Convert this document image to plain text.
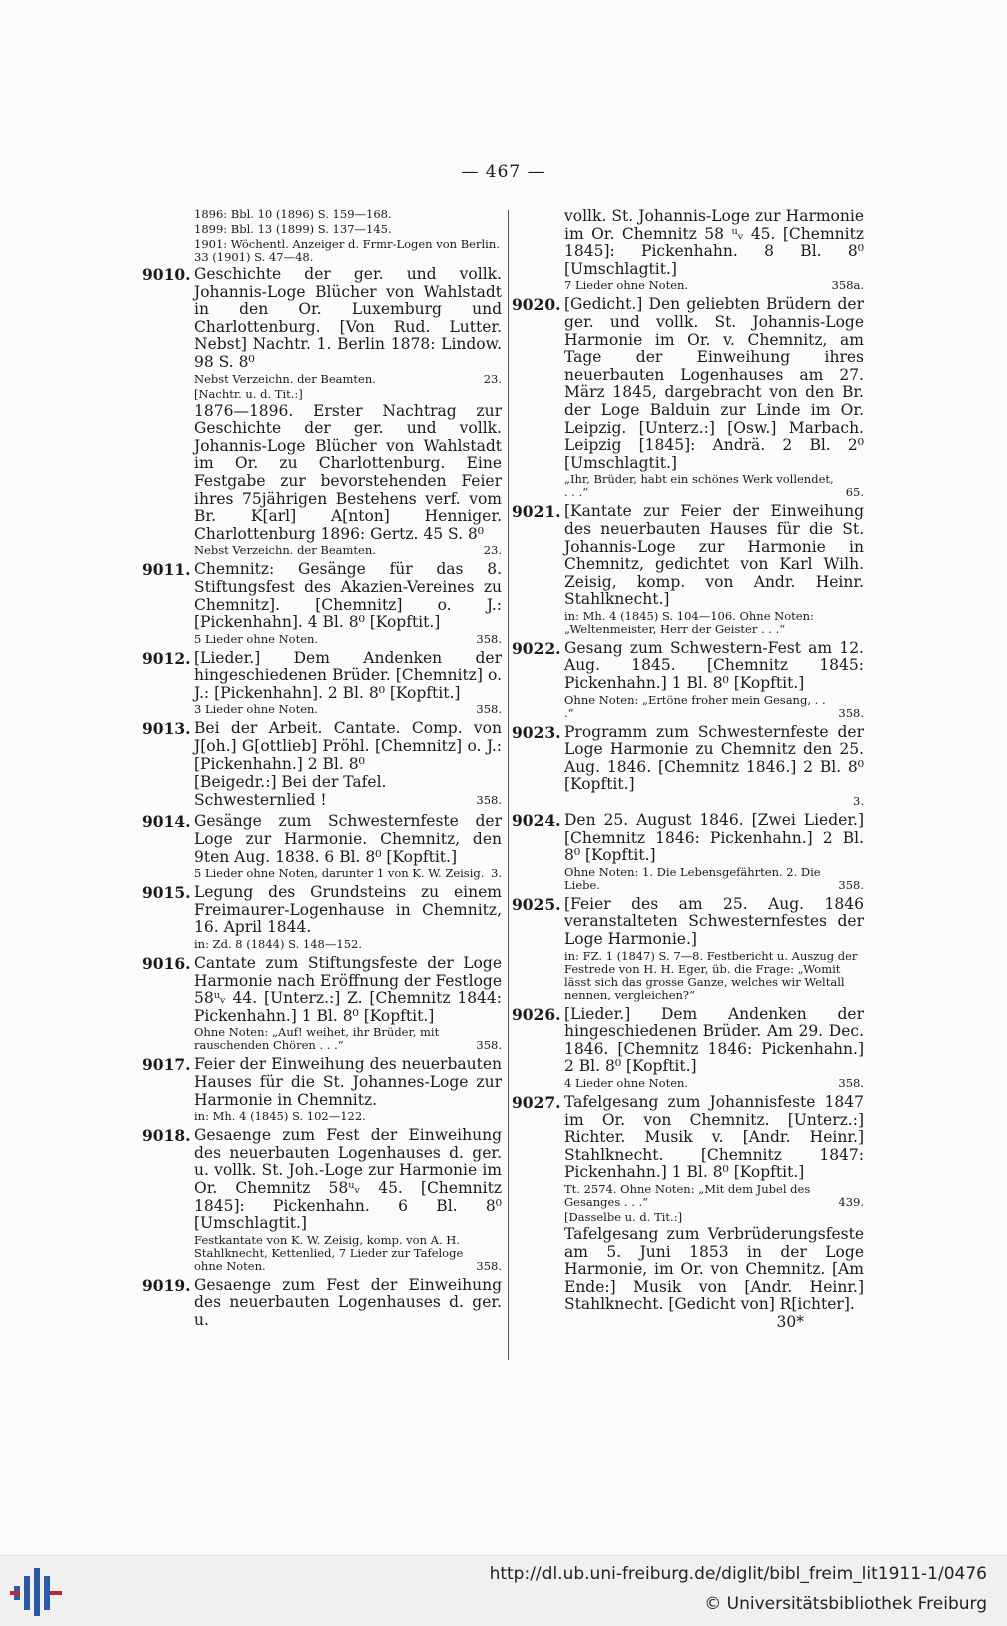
— 467 —

1896: Bbl. 10 (1896) S. 159—168.

1899: Bbl. 13 (1899) S. 137—145.

1901: Wöchentl. Anzeiger d. Frmr-Logen von Berlin. 33 (1901) S. 47—48.

9010. Geschichte der ger. und vollk. Johannis-Loge Blücher von Wahlstadt in den Or. Luxemburg und Charlottenburg. [Von Rud. Lutter. Nebst] Nachtr. 1. Berlin 1878: Lindow. 98 S. 8⁰

Nebst Verzeichn. der Beamten.	23.

[Nachtr. u. d. Tit.:]

1876—1896. Erster Nachtrag zur Geschichte der ger. und vollk. Johannis-Loge Blücher von Wahlstadt im Or. zu Charlottenburg. Eine Festgabe zur bevorstehenden Feier ihres 75jährigen Bestehens verf. vom Br. K[arl] A[nton] Henniger. Charlottenburg 1896: Gertz. 45 S. 8⁰

Nebst Verzeichn. der Beamten.	23.
9011. Chemnitz: Gesänge für das 8. Stiftungsfest des Akazien-Vereines zu Chemnitz]. [Chemnitz] o. J.: [Pickenhahn]. 4 Bl. 8⁰ [Kopftit.]

5 Lieder ohne Noten.	358.
9012. [Lieder.] Dem Andenken der hingeschiedenen Brüder. [Chemnitz] o. J.: [Pickenhahn]. 2 Bl. 8⁰ [Kopftit.]

3 Lieder ohne Noten.	358.
9013. Bei der Arbeit. Cantate. Comp. von J[oh.] G[ottlieb] Pröhl. [Chemnitz] o. J.: [Pickenhahn.] 2 Bl. 8⁰

[Beigedr.:] Bei der Tafel. Schwesternlied !	358.
9014. Gesänge zum Schwesternfeste der Loge zur Harmonie. Chemnitz, den 9ten Aug. 1838. 6 Bl. 8⁰ [Kopftit.]

5 Lieder ohne Noten, darunter 1 von K. W. Zeisig. 3.
9015. Legung des Grundsteins zu einem Freimaurer-Logenhause in Chemnitz, 16. April 1844.

in: Zd. 8 (1844) S. 148—152.
9016. Cantate zum Stiftungsfeste der Loge Harmonie nach Eröffnung der Festloge 58ᵘᵥ 44. [Unterz.:] Z. [Chemnitz 1844: Pickenhahn.] 1 Bl. 8⁰ [Kopftit.]

Ohne Noten: „Auf! weihet, ihr Brüder, mit rauschenden Chören . . .“	358.
9017. Feier der Einweihung des neuerbauten Hauses für die St. Johannes-Loge zur Harmonie in Chemnitz.

in: Mh. 4 (1845) S. 102—122.
9018. Gesaenge zum Fest der Einweihung des neuerbauten Logenhauses d. ger. u. vollk. St. Joh.-Loge zur Harmonie im Or. Chemnitz 58ᵘᵥ 45. [Chemnitz 1845]: Pickenhahn. 6 Bl. 8⁰ [Umschlagtit.]

Festkantate von K. W. Zeisig, komp. von A. H. Stahlknecht, Kettenlied, 7 Lieder zur Tafeloge ohne Noten.	358.
9019. Gesaenge zum Fest der Einweihung des neuerbauten Logenhauses d. ger. u.

vollk. St. Johannis-Loge zur Harmonie im Or. Chemnitz 58 ᵘᵥ 45. [Chemnitz 1845]: Pickenhahn. 8 Bl. 8⁰ [Umschlagtit.]

7 Lieder ohne Noten.	358a.
9020. [Gedicht.] Den geliebten Brüdern der ger. und vollk. St. Johannis-Loge Harmonie im Or. v. Chemnitz, am Tage der Einweihung ihres neuerbauten Logenhauses am 27. März 1845, dargebracht von den Br. der Loge Balduin zur Linde im Or. Leipzig. [Unterz.:] [Osw.] Marbach. Leipzig [1845]: Andrä. 2 Bl. 2⁰ [Umschlagtit.]

„Ihr, Brüder, habt ein schönes Werk vollendet, . . .“	65.
9021. [Kantate zur Feier der Einweihung des neuerbauten Hauses für die St. Johannis-Loge zur Harmonie in Chemnitz, gedichtet von Karl Wilh. Zeisig, komp. von Andr. Heinr. Stahlknecht.]

in: Mh. 4 (1845) S. 104—106. Ohne Noten: „Weltenmeister, Herr der Geister . . .“
9022. Gesang zum Schwestern-Fest am 12. Aug. 1845. [Chemnitz 1845: Pickenhahn.] 1 Bl. 8⁰ [Kopftit.]

Ohne Noten: „Ertöne froher mein Gesang, . . .“	358.
9023. Programm zum Schwesternfeste der Loge Harmonie zu Chemnitz den 25. Aug. 1846. [Chemnitz 1846.] 2 Bl. 8⁰ [Kopftit.]

3.
9024. Den 25. August 1846. [Zwei Lieder.] [Chemnitz 1846: Pickenhahn.] 2 Bl. 8⁰ [Kopftit.]

Ohne Noten: 1. Die Lebensgefährten. 2. Die Liebe.	358.
9025. [Feier des am 25. Aug. 1846 veranstalteten Schwesternfestes der Loge Harmonie.]

in: FZ. 1 (1847) S. 7—8. Festbericht u. Auszug der Festrede von H. H. Eger, üb. die Frage: „Womit lässt sich das grosse Ganze, welches wir Weltall nennen, vergleichen?“
9026. [Lieder.] Dem Andenken der hingeschiedenen Brüder. Am 29. Dec. 1846. [Chemnitz 1846: Pickenhahn.] 2 Bl. 8⁰ [Kopftit.]

4 Lieder ohne Noten.	358.
9027. Tafelgesang zum Johannisfeste 1847 im Or. von Chemnitz. [Unterz.:] Richter. Musik v. [Andr. Heinr.] Stahlknecht. [Chemnitz 1847: Pickenhahn.] 1 Bl. 8⁰ [Kopftit.]

Tt. 2574. Ohne Noten: „Mit dem Jubel des Gesanges . . .“	439.

[Dasselbe u. d. Tit.:]

Tafelgesang zum Verbrüderungsfeste am 5. Juni 1853 in der Loge Harmonie, im Or. von Chemnitz. [Am Ende:] Musik von [Andr. Heinr.] Stahlknecht. [Gedicht von] R[ichter].

30*

http://dl.ub.uni-freiburg.de/diglit/bibl_freim_lit1911-1/0476
© Universitätsbibliothek Freiburg
